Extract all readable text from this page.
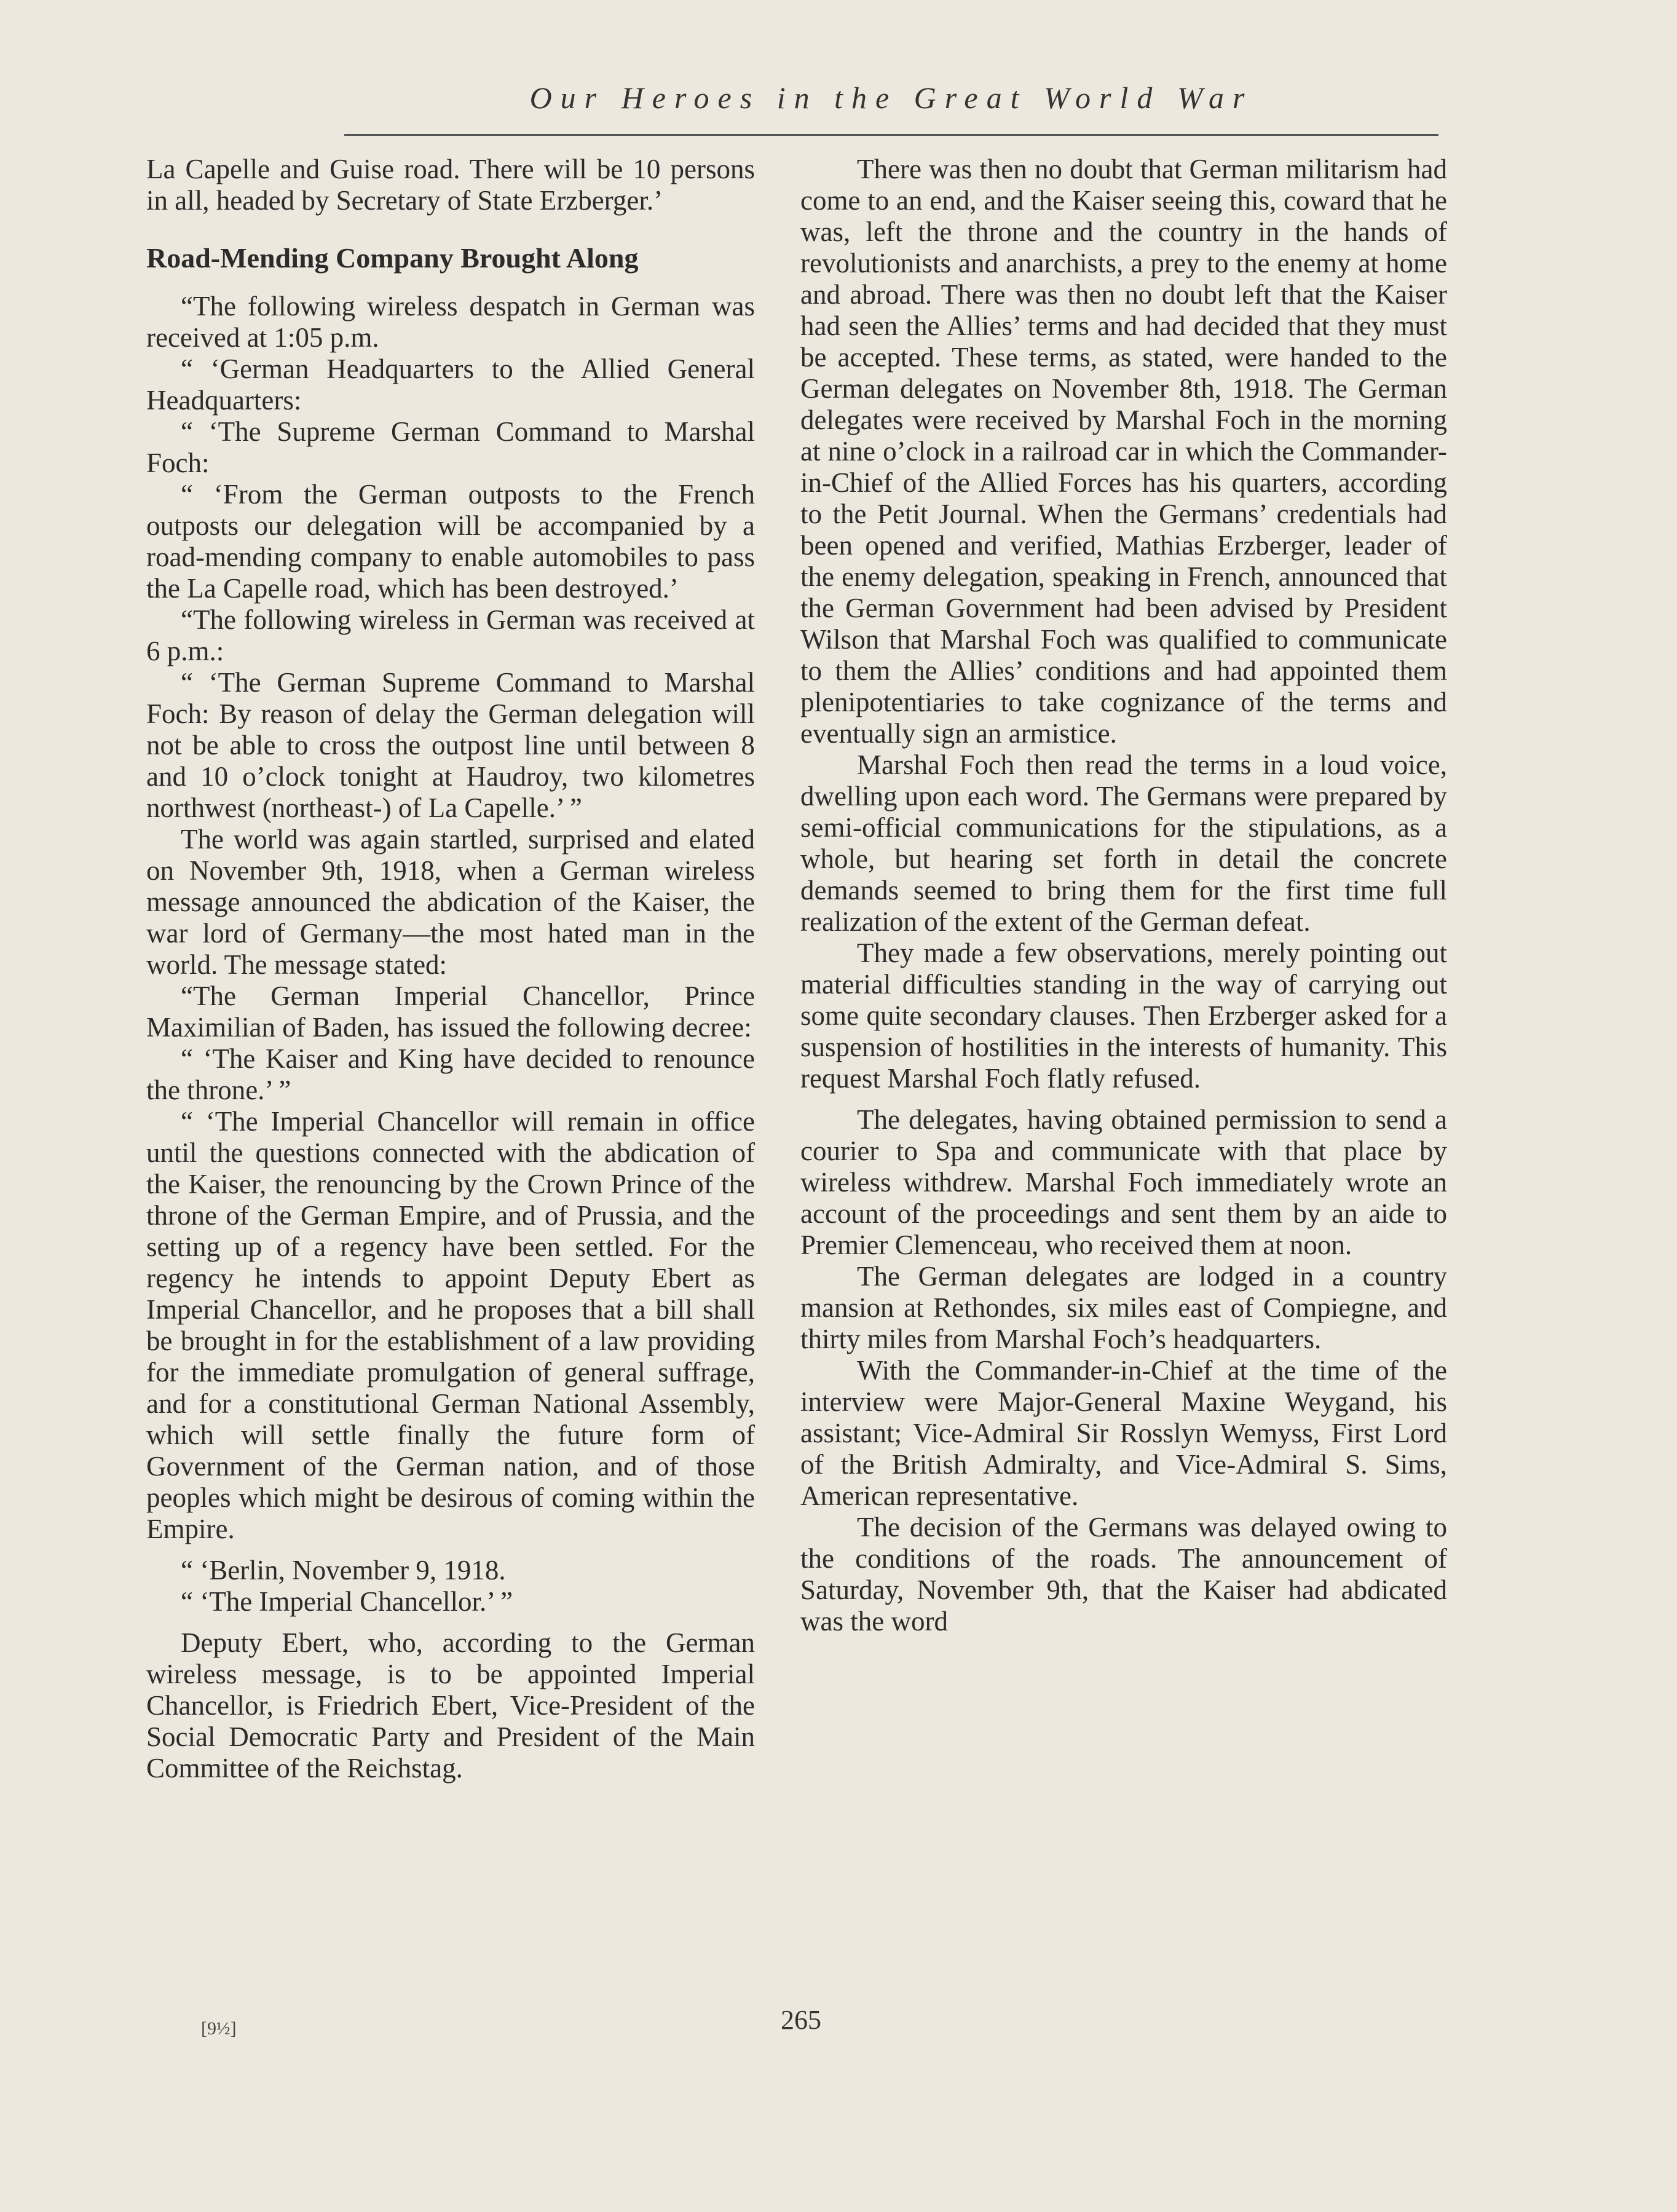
Our Heroes in the Great World War

La Capelle and Guise road. There will be 10 persons in all, headed by Secretary of State Erzberger.’

Road-Mending Company Brought Along

“The following wireless despatch in German was received at 1:05 p.m.

“ ‘German Headquarters to the Allied General Headquarters:

“ ‘The Supreme German Command to Marshal Foch:

“ ‘From the German outposts to the French outposts our delegation will be accompanied by a road-mending company to enable automobiles to pass the La Capelle road, which has been destroyed.’

“The following wireless in German was received at 6 p.m.:

“ ‘The German Supreme Command to Marshal Foch: By reason of delay the German delegation will not be able to cross the outpost line until between 8 and 10 o’clock tonight at Haudroy, two kilometres northwest (northeast-) of La Capelle.’ ”

The world was again startled, surprised and elated on November 9th, 1918, when a German wireless message announced the abdication of the Kaiser, the war lord of Germany—the most hated man in the world. The message stated:

“The German Imperial Chancellor, Prince Maximilian of Baden, has issued the following decree:

“ ‘The Kaiser and King have decided to renounce the throne.’ ”

“ ‘The Imperial Chancellor will remain in office until the questions connected with the abdication of the Kaiser, the renouncing by the Crown Prince of the throne of the German Empire, and of Prussia, and the setting up of a regency have been settled. For the regency he intends to appoint Deputy Ebert as Imperial Chancellor, and he proposes that a bill shall be brought in for the establishment of a law providing for the immediate promulgation of general suffrage, and for a constitutional German National Assembly, which will settle finally the future form of Government of the German nation, and of those peoples which might be desirous of coming within the Empire.

“ ‘Berlin, November 9, 1918.

“ ‘The Imperial Chancellor.’ ”

Deputy Ebert, who, according to the German wireless message, is to be appointed Imperial Chancellor, is Friedrich Ebert, Vice-President of the Social Democratic Party and President of the Main Committee of the Reichstag.

There was then no doubt that German militarism had come to an end, and the Kaiser seeing this, coward that he was, left the throne and the country in the hands of revolutionists and anarchists, a prey to the enemy at home and abroad. There was then no doubt left that the Kaiser had seen the Allies’ terms and had decided that they must be accepted. These terms, as stated, were handed to the German delegates on November 8th, 1918. The German delegates were received by Marshal Foch in the morning at nine o’clock in a railroad car in which the Commander-in-Chief of the Allied Forces has his quarters, according to the Petit Journal. When the Germans’ credentials had been opened and verified, Mathias Erzberger, leader of the enemy delegation, speaking in French, announced that the German Government had been advised by President Wilson that Marshal Foch was qualified to communicate to them the Allies’ conditions and had appointed them plenipotentiaries to take cognizance of the terms and eventually sign an armistice.

Marshal Foch then read the terms in a loud voice, dwelling upon each word. The Germans were prepared by semi-official communications for the stipulations, as a whole, but hearing set forth in detail the concrete demands seemed to bring them for the first time full realization of the extent of the German defeat.

They made a few observations, merely pointing out material difficulties standing in the way of carrying out some quite secondary clauses. Then Erzberger asked for a suspension of hostilities in the interests of humanity. This request Marshal Foch flatly refused.

The delegates, having obtained permission to send a courier to Spa and communicate with that place by wireless withdrew. Marshal Foch immediately wrote an account of the proceedings and sent them by an aide to Premier Clemenceau, who received them at noon.

The German delegates are lodged in a country mansion at Rethondes, six miles east of Compiegne, and thirty miles from Marshal Foch’s headquarters.

With the Commander-in-Chief at the time of the interview were Major-General Maxine Weygand, his assistant; Vice-Admiral Sir Rosslyn Wemyss, First Lord of the British Admiralty, and Vice-Admiral S. Sims, American representative.

The decision of the Germans was delayed owing to the conditions of the roads. The announcement of Saturday, November 9th, that the Kaiser had abdicated was the word

[9½]	265
